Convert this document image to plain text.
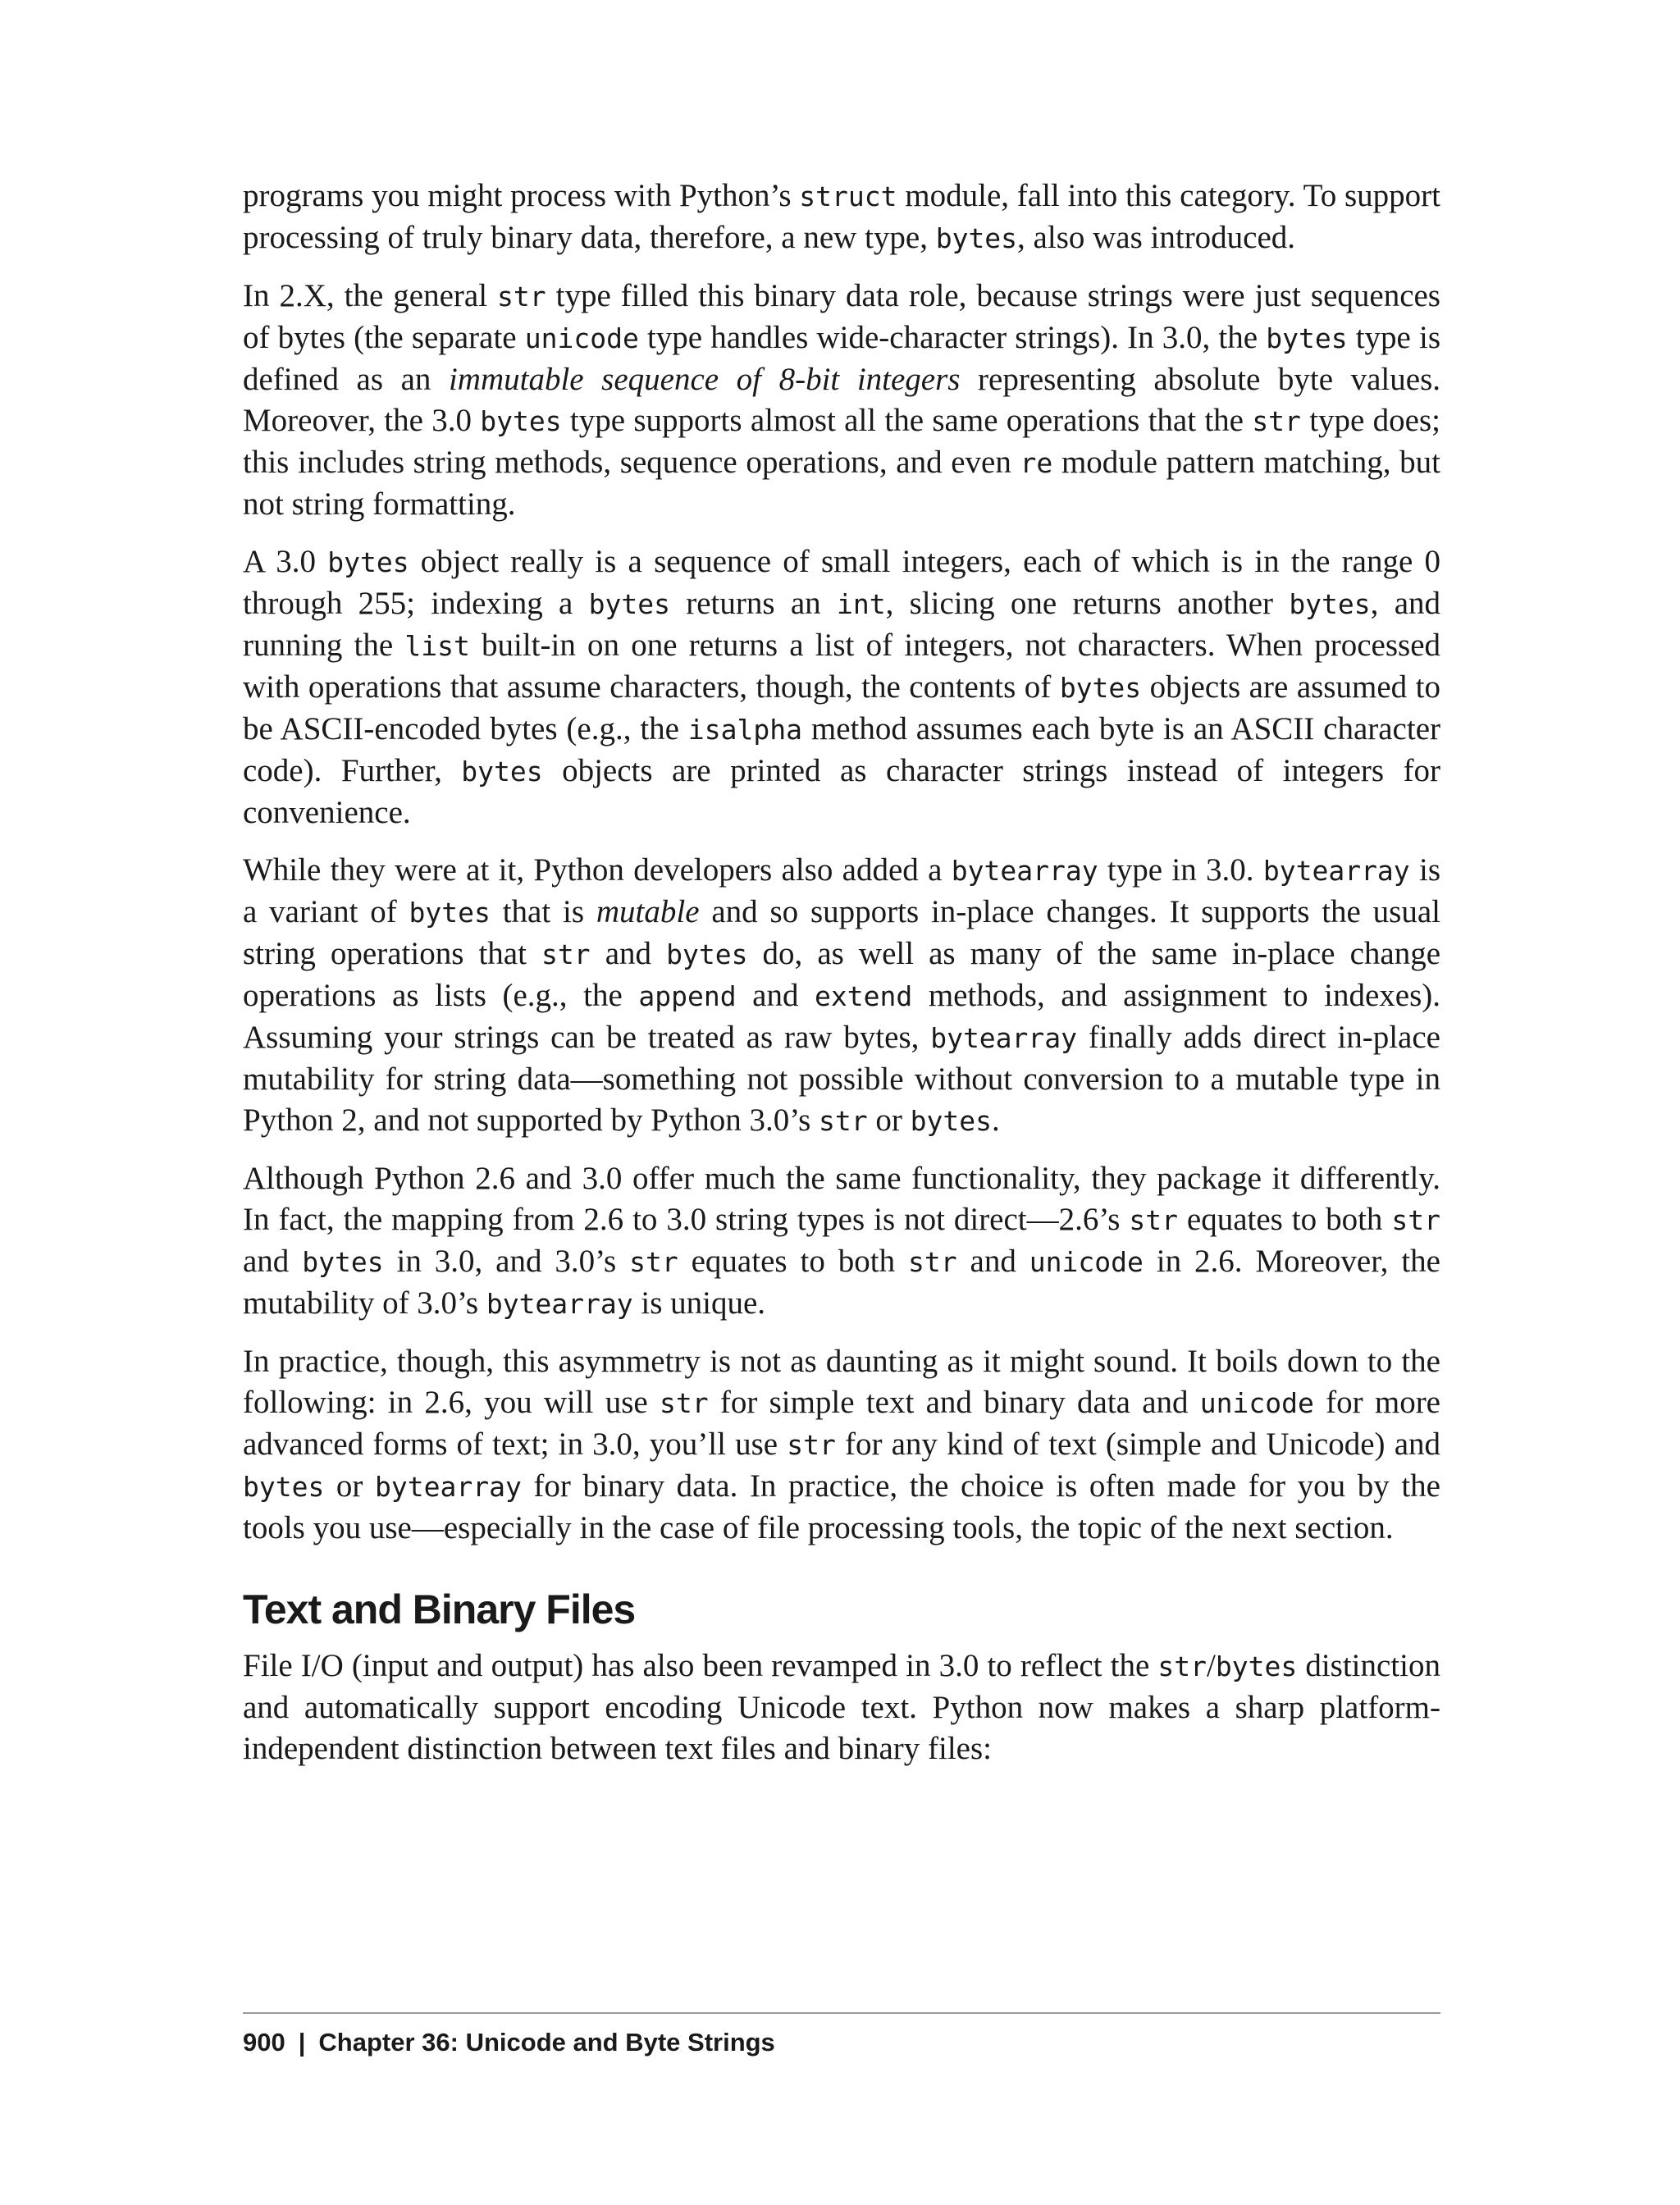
programs you might process with Python’s struct module, fall into this category. To support processing of truly binary data, therefore, a new type, bytes, also was introduced.

In 2.X, the general str type filled this binary data role, because strings were just sequences of bytes (the separate unicode type handles wide-character strings). In 3.0, the bytes type is defined as an immutable sequence of 8-bit integers representing absolute byte values. Moreover, the 3.0 bytes type supports almost all the same operations that the str type does; this includes string methods, sequence operations, and even re module pattern matching, but not string formatting.

A 3.0 bytes object really is a sequence of small integers, each of which is in the range 0 through 255; indexing a bytes returns an int, slicing one returns another bytes, and running the list built-in on one returns a list of integers, not characters. When processed with operations that assume characters, though, the contents of bytes objects are assumed to be ASCII-encoded bytes (e.g., the isalpha method assumes each byte is an ASCII character code). Further, bytes objects are printed as character strings instead of integers for convenience.

While they were at it, Python developers also added a bytearray type in 3.0. bytearray is a variant of bytes that is mutable and so supports in-place changes. It supports the usual string operations that str and bytes do, as well as many of the same in-place change operations as lists (e.g., the append and extend methods, and assignment to indexes). Assuming your strings can be treated as raw bytes, bytearray finally adds direct in-place mutability for string data—something not possible without conversion to a mutable type in Python 2, and not supported by Python 3.0’s str or bytes.

Although Python 2.6 and 3.0 offer much the same functionality, they package it differently. In fact, the mapping from 2.6 to 3.0 string types is not direct—2.6’s str equates to both str and bytes in 3.0, and 3.0’s str equates to both str and unicode in 2.6. Moreover, the mutability of 3.0’s bytearray is unique.

In practice, though, this asymmetry is not as daunting as it might sound. It boils down to the following: in 2.6, you will use str for simple text and binary data and unicode for more advanced forms of text; in 3.0, you’ll use str for any kind of text (simple and Unicode) and bytes or bytearray for binary data. In practice, the choice is often made for you by the tools you use—especially in the case of file processing tools, the topic of the next section.

Text and Binary Files

File I/O (input and output) has also been revamped in 3.0 to reflect the str/bytes distinction and automatically support encoding Unicode text. Python now makes a sharp platform-independent distinction between text files and binary files:

900 | Chapter 36: Unicode and Byte Strings
